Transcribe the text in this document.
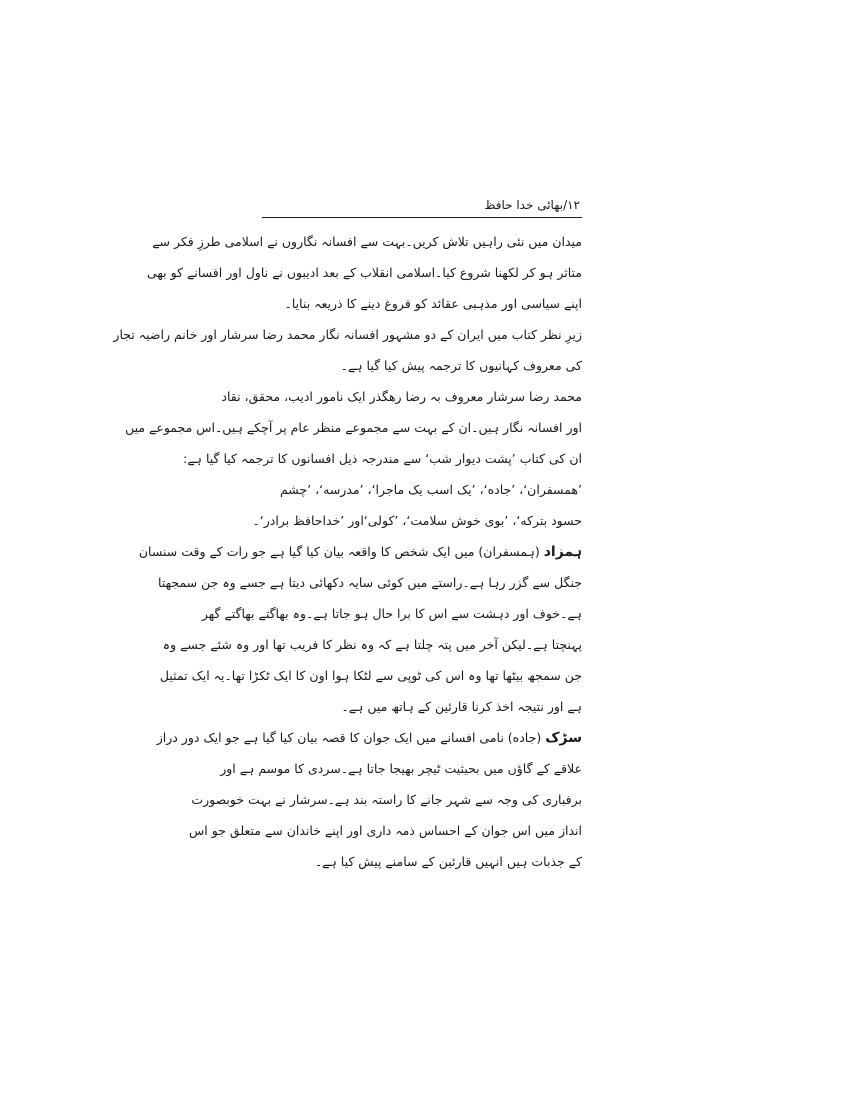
۱۲/بھائی خدا حافظ
میدان میں نئی راہیں تلاش کریں۔بہت سے افسانہ نگاروں نے اسلامی طرزِ فکر سے
متاثر ہو کر لکھنا شروع کیا۔اسلامی انقلاب کے بعد ادیبوں نے ناول اور افسانے کو بھی
اپنے سیاسی اور مذہبی عقائد کو فروغ دینے کا ذریعہ بنایا۔
زیرِ نظر کتاب میں ایران کے دو مشہور افسانہ نگار محمد رضا سرشار اور خانم راضیہ تجار
کی معروف کہانیوں کا ترجمہ پیش کیا گیا ہے۔
محمد رضا سرشار معروف بہ رضا رهگذر ایک نامور ادیب، محقق، نقاد
اور افسانہ نگار ہیں۔ان کے بہت سے مجموعے منظر عام پر آچکے ہیں۔اس مجموعے میں
ان کی کتاب ’پشت دیوار شب‘ سے مندرجہ ذیل افسانوں کا ترجمہ کیا گیا ہے:
’همسفران‘، ’جاده‘، ’یک اسب یک ماجرا‘، ’مدرسه‘، ’چشم
حسود بترکه‘، ’بوی خوش سلامت‘، ’کولی‘اور ’خداحافظ برادر‘۔
ہمزاد (ہمسفران) میں ایک شخص کا واقعہ بیان کیا گیا ہے جو رات کے وقت سنسان
جنگل سے گزر رہا ہے۔راستے میں کوئی سایہ دکھائی دیتا ہے جسے وہ جن سمجھتا
ہے۔خوف اور دہشت سے اس کا برا حال ہو جاتا ہے۔وہ بھاگتے بھاگتے گھر
پہنچتا ہے۔لیکن آخر میں پتہ چلتا ہے کہ وہ نظر کا فریب تھا اور وہ شئے جسے وہ
جن سمجھ بیٹھا تھا وہ اس کی ٹوپی سے لٹکا ہوا اون کا ایک ٹکڑا تھا۔یہ ایک تمثیل
ہے اور نتیجہ اخذ کرنا قارئین کے ہاتھ میں ہے۔
سڑک (جاده) نامی افسانے میں ایک جوان کا قصہ بیان کیا گیا ہے جو ایک دور دراز
علاقے کے گاؤں میں بحیثیت ٹیچر بھیجا جاتا ہے۔سردی کا موسم ہے اور
برفباری کی وجہ سے شہر جانے کا راستہ بند ہے۔سرشار نے بہت خوبصورت
انداز میں اس جوان کے احساس ذمہ داری اور اپنے خاندان سے متعلق جو اس
کے جذبات ہیں انہیں قارئین کے سامنے پیش کیا ہے۔
